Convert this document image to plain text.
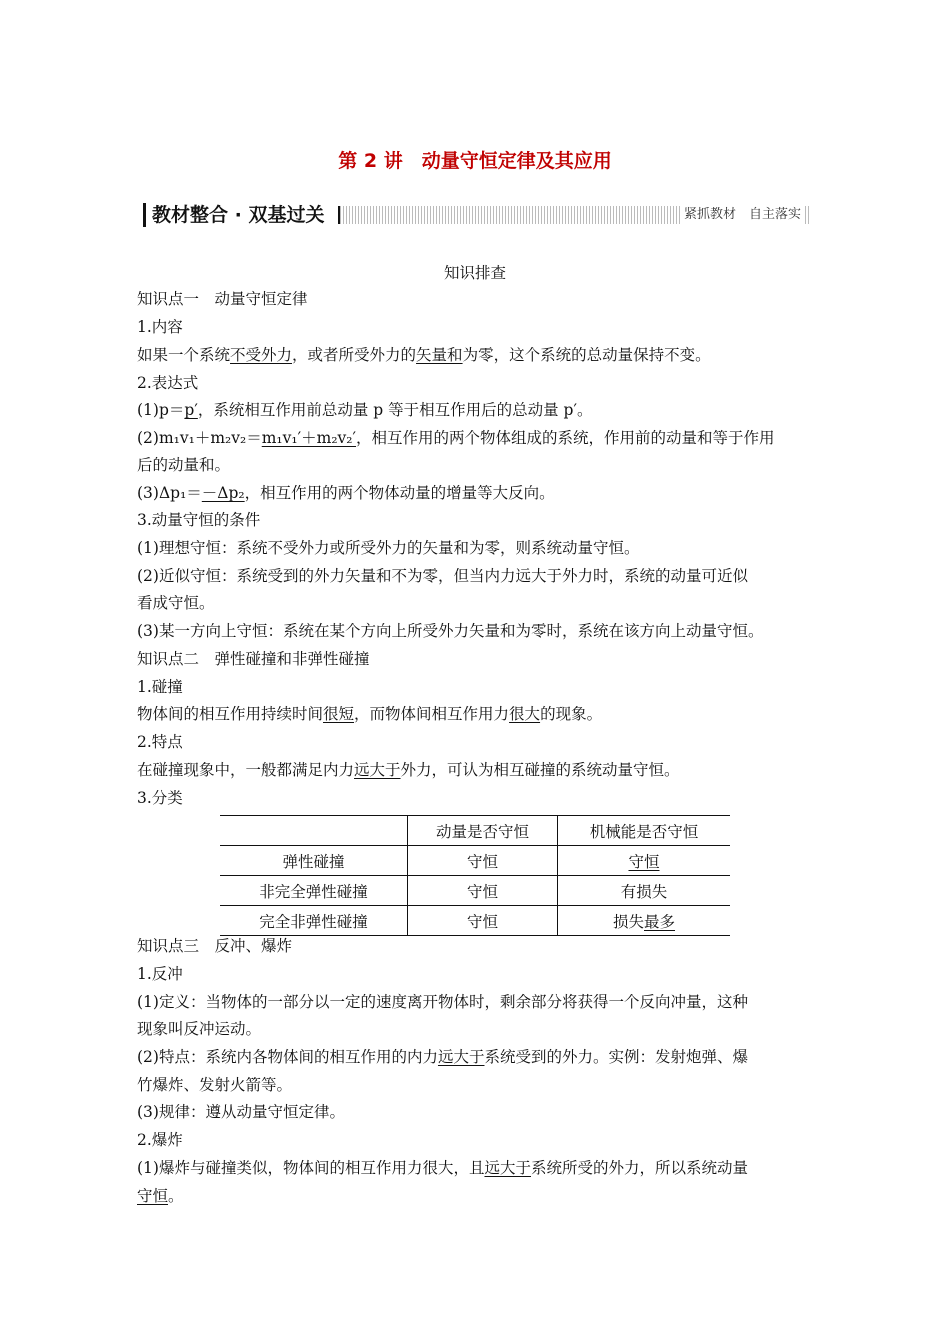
第 2 讲　动量守恒定律及其应用
教材整合 · 双基过关	紧抓教材　自主落实
知识排查
知识点一　动量守恒定律
1.内容
如果一个系统不受外力，或者所受外力的矢量和为零，这个系统的总动量保持不变。
2.表达式
(1)p＝p′，系统相互作用前总动量 p 等于相互作用后的总动量 p′。
(2)m₁v₁＋m₂v₂＝m₁v₁′＋m₂v₂′，相互作用的两个物体组成的系统，作用前的动量和等于作用
后的动量和。
(3)Δp₁＝－Δp₂，相互作用的两个物体动量的增量等大反向。
3.动量守恒的条件
(1)理想守恒：系统不受外力或所受外力的矢量和为零，则系统动量守恒。
(2)近似守恒：系统受到的外力矢量和不为零，但当内力远大于外力时，系统的动量可近似
看成守恒。
(3)某一方向上守恒：系统在某个方向上所受外力矢量和为零时，系统在该方向上动量守恒。
知识点二　弹性碰撞和非弹性碰撞
1.碰撞
物体间的相互作用持续时间很短，而物体间相互作用力很大的现象。
2.特点
在碰撞现象中，一般都满足内力远大于外力，可认为相互碰撞的系统动量守恒。
3.分类
知识点三　反冲、爆炸
1.反冲
(1)定义：当物体的一部分以一定的速度离开物体时，剩余部分将获得一个反向冲量，这种
现象叫反冲运动。
(2)特点：系统内各物体间的相互作用的内力远大于系统受到的外力。实例：发射炮弹、爆
竹爆炸、发射火箭等。
(3)规律：遵从动量守恒定律。
2.爆炸
(1)爆炸与碰撞类似，物体间的相互作用力很大，且远大于系统所受的外力，所以系统动量
守恒。
	动量是否守恒	机械能是否守恒
弹性碰撞	守恒	守恒
非完全弹性碰撞	守恒	有损失
完全非弹性碰撞	守恒	损失最多
